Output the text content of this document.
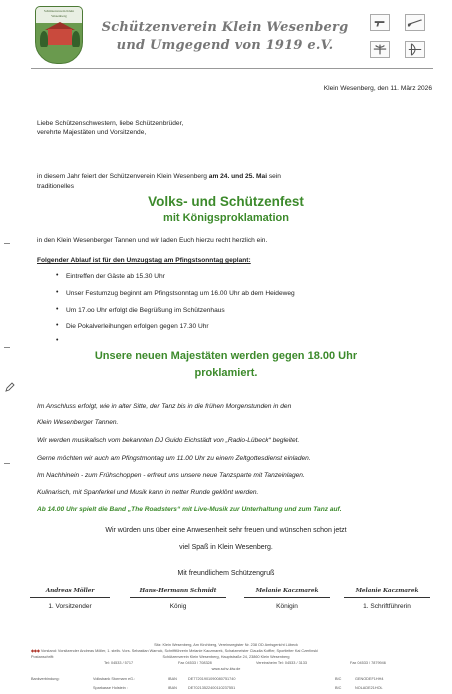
Schützenverein Klein Wesenberg
Schützenverein Klein Wesenberg
und Umgegend von 1919 e.V.
Klein Wesenberg, den 11. März 2026
Liebe Schützenschwestern, liebe Schützenbrüder,
verehrte Majestäten und Vorsitzende,
in diesem Jahr feiert der Schützenverein Klein Wesenberg am 24. und 25. Mai sein
traditionelles
Volks- und Schützenfest
mit Königsproklamation
in den Klein Wesenberger Tannen und wir laden Euch hierzu recht herzlich ein.
Folgender Ablauf ist für den Umzugstag am Pfingstsonntag geplant:
• Eintreffen der Gäste ab 15.30 Uhr
• Unser Festumzug beginnt am Pfingstsonntag um 16.00 Uhr ab dem Heideweg
• Um 17.oo Uhr erfolgt die Begrüßung im Schützenhaus
• Die Pokalverleihungen erfolgen gegen 17.30 Uhr
•
Unsere neuen Majestäten werden gegen 18.00 Uhr
proklamiert.
Im Anschluss erfolgt, wie in alter Sitte, der Tanz bis in die frühen Morgenstunden in den
Klein Wesenberger Tannen.
Wir werden musikalisch vom bekannten DJ Guido Eichstädt von „Radio-Lübeck“ begleitet.
Gerne möchten wir auch am Pfingstmontag um 11.00 Uhr zu einem Zeltgottesdienst einladen.
Im Nachhinein - zum Frühschoppen - erfreut uns unsere neue Tanzsparte mit Tanzeinlagen.
Kulinarisch, mit Spanferkel und Musik kann in netter Runde geklönt werden.
Ab 14.00 Uhr spielt die Band „The Roadsters“ mit Live-Musik zur Unterhaltung und zum Tanz auf.
Wir würden uns über eine Anwesenheit sehr freuen und wünschen schon jetzt
viel Spaß in Klein Wesenberg.
Mit freundlichem Schützengruß
Andreas Möller	Hans-Hermann Schmidt	Melanie Kaczmarek	Melanie Kaczmarek
1. Vorsitzender	König	Königin	1. Schriftführerin
Sitz: Klein Wesenberg, Am Kirchberg, Vereinsregister Nr. 238 OD Amtsgericht Lübeck
◆◆◆ Vorstand: Vorsitzender Andreas Möller, 1. stellv. Vors. Sebastian Warnck, Schriftführerin Melanie Kaczmarek, Schatzmeister Claudia Koffler, Sportleiter Kai Czerlinski
Postanschrift:	Schützenverein Klein Wesenberg, Hauptstraße 24, 23860 Klein Wesenberg
Tel: 04533 / 5717	Fax 04533 / 708328	Vereinsheim Tel: 04533 / 3133	Fax 04533 / 7879946
www.schv-klw.de
Bankverbindung:	Volksbank Stormarn eG.:	IBAN	DE77201901090080751740	BIC	GENODEF1HH4
Sparkasse Holstein :	IBAN	DE70213522400110237551	BIC	NOLADE21HOL
